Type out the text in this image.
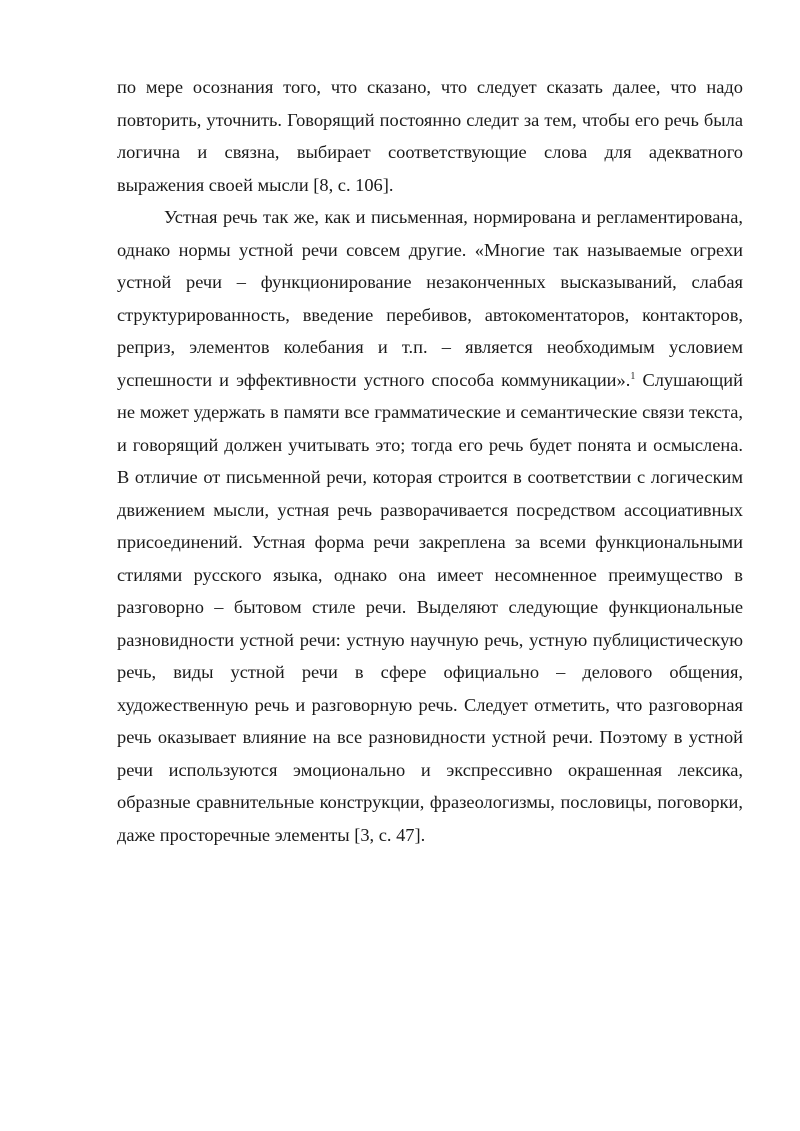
по мере осознания того, что сказано, что следует сказать далее, что надо повторить, уточнить. Говорящий постоянно следит за тем, чтобы его речь была логична и связна, выбирает соответствующие слова для адекватного выражения своей мысли [8, с. 106].

Устная речь так же, как и письменная, нормирована и регламентирована, однако нормы устной речи совсем другие. «Многие так называемые огрехи устной речи – функционирование незаконченных высказываний, слабая структурированность, введение перебивов, автокоментаторов, контакторов, реприз, элементов колебания и т.п. – является необходимым условием успешности и эффективности устного способа коммуникации».$^1$ Слушающий не может удержать в памяти все грамматические и семантические связи текста, и говорящий должен учитывать это; тогда его речь будет понята и осмыслена. В отличие от письменной речи, которая строится в соответствии с логическим движением мысли, устная речь разворачивается посредством ассоциативных присоединений. Устная форма речи закреплена за всеми функциональными стилями русского языка, однако она имеет несомненное преимущество в разговорно – бытовом стиле речи. Выделяют следующие функциональные разновидности устной речи: устную научную речь, устную публицистическую речь, виды устной речи в сфере официально – делового общения, художественную речь и разговорную речь. Следует отметить, что разговорная речь оказывает влияние на все разновидности устной речи. Поэтому в устной речи используются эмоционально и экспрессивно окрашенная лексика, образные сравнительные конструкции, фразеологизмы, пословицы, поговорки, даже просторечные элементы [3, с. 47].
